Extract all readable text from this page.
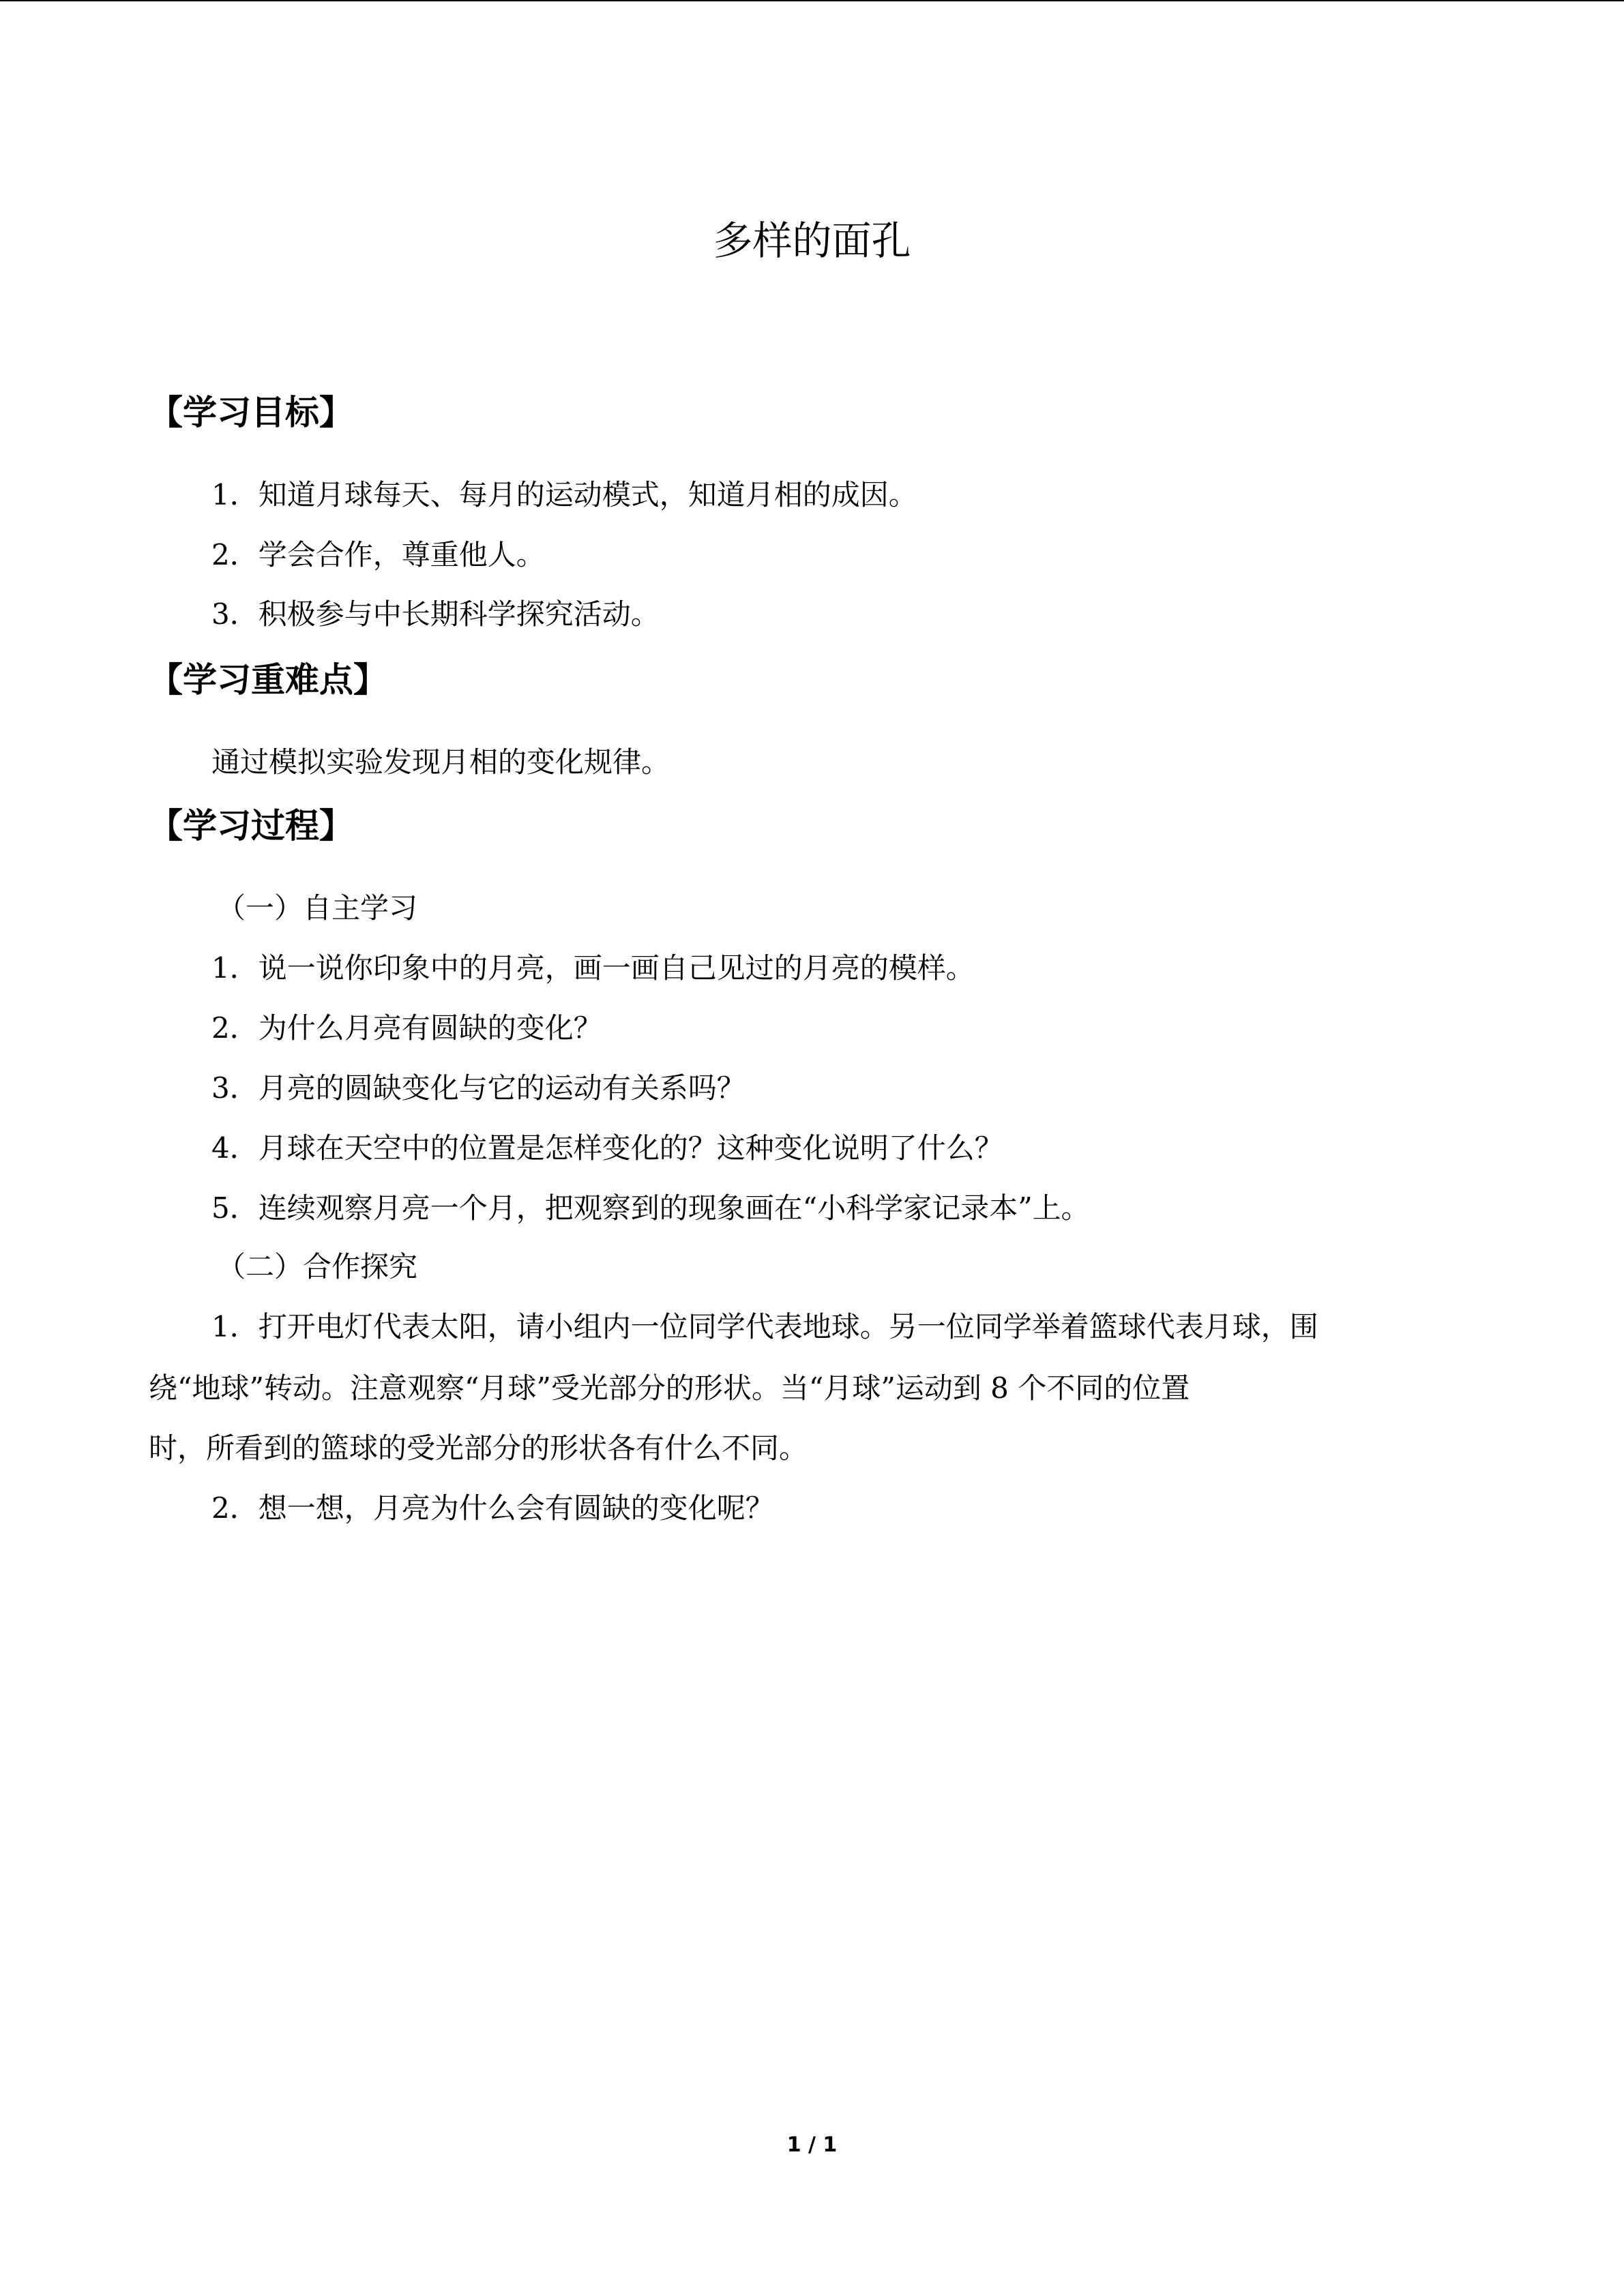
多样的面孔
【学习目标】
1．知道月球每天、每月的运动模式，知道月相的成因。
2．学会合作，尊重他人。
3．积极参与中长期科学探究活动。
【学习重难点】
通过模拟实验发现月相的变化规律。
【学习过程】
（一）自主学习
1．说一说你印象中的月亮，画一画自己见过的月亮的模样。
2．为什么月亮有圆缺的变化？
3．月亮的圆缺变化与它的运动有关系吗？
4．月球在天空中的位置是怎样变化的？这种变化说明了什么？
5．连续观察月亮一个月，把观察到的现象画在“小科学家记录本”上。
（二）合作探究
1．打开电灯代表太阳，请小组内一位同学代表地球。另一位同学举着篮球代表月球，围
绕“地球”转动。注意观察“月球”受光部分的形状。当“月球”运动到 8 个不同的位置
时，所看到的篮球的受光部分的形状各有什么不同。
2．想一想，月亮为什么会有圆缺的变化呢？
1 / 1
